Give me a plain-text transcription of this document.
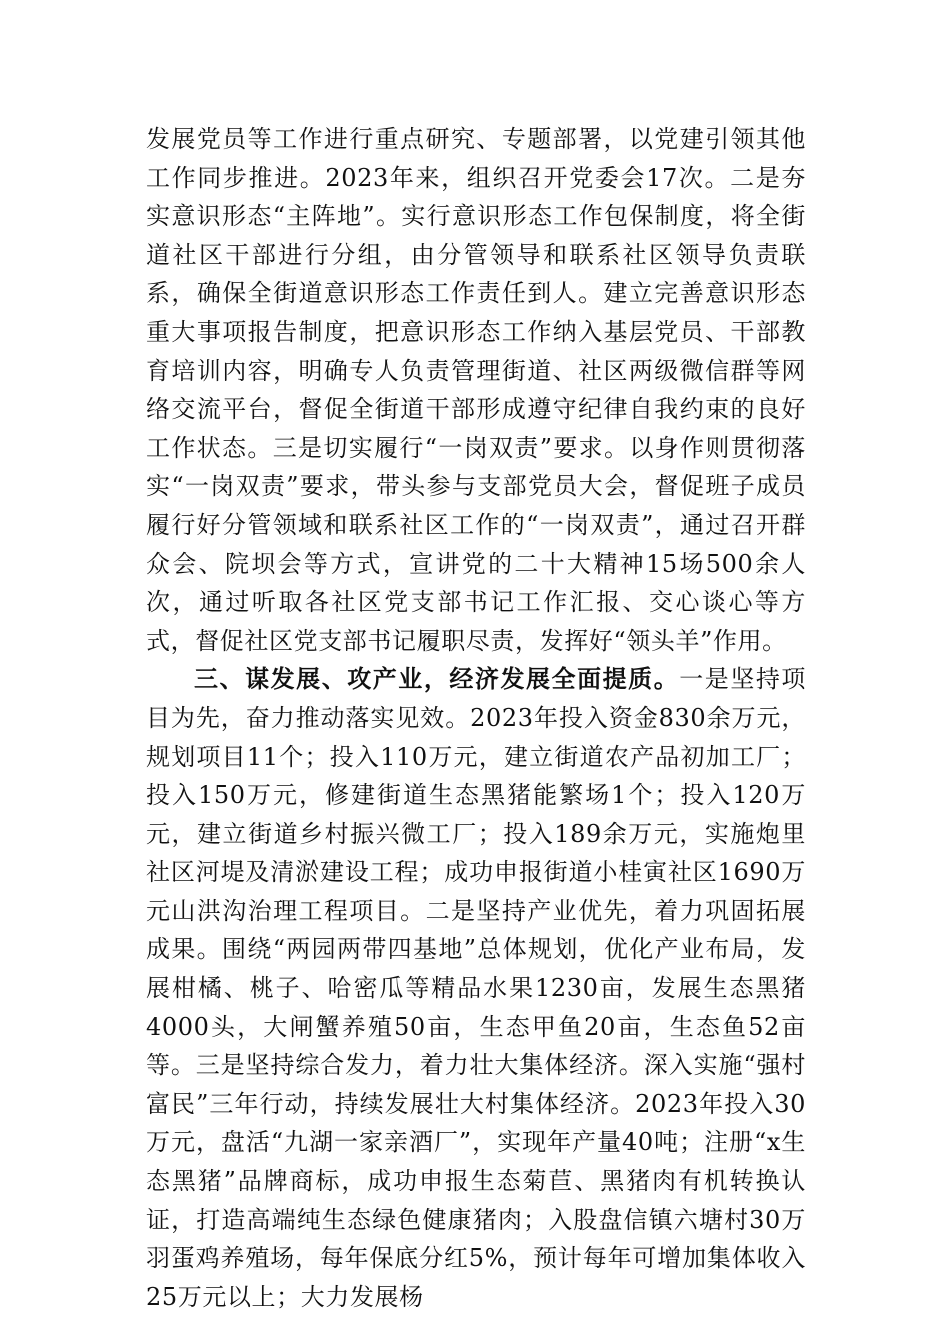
发展党员等工作进行重点研究、专题部署，以党建引领其他工作同步推进。2023年来，组织召开党委会17次。二是夯实意识形态“主阵地”。实行意识形态工作包保制度，将全街道社区干部进行分组，由分管领导和联系社区领导负责联系，确保全街道意识形态工作责任到人。建立完善意识形态重大事项报告制度，把意识形态工作纳入基层党员、干部教育培训内容，明确专人负责管理街道、社区两级微信群等网络交流平台，督促全街道干部形成遵守纪律自我约束的良好工作状态。三是切实履行“一岗双责”要求。以身作则贯彻落实“一岗双责”要求，带头参与支部党员大会，督促班子成员履行好分管领域和联系社区工作的“一岗双责”，通过召开群众会、院坝会等方式，宣讲党的二十大精神15场500余人次，通过听取各社区党支部书记工作汇报、交心谈心等方式，督促社区党支部书记履职尽责，发挥好“领头羊”作用。

三、谋发展、攻产业，经济发展全面提质。一是坚持项目为先，奋力推动落实见效。2023年投入资金830余万元，规划项目11个；投入110万元，建立街道农产品初加工厂；投入150万元，修建街道生态黑猪能繁场1个；投入120万元，建立街道乡村振兴微工厂；投入189余万元，实施炮里社区河堤及清淤建设工程；成功申报街道小桂寅社区1690万元山洪沟治理工程项目。二是坚持产业优先，着力巩固拓展成果。围绕“两园两带四基地”总体规划，优化产业布局，发展柑橘、桃子、哈密瓜等精品水果1230亩，发展生态黑猪4000头，大闸蟹养殖50亩，生态甲鱼20亩，生态鱼52亩等。三是坚持综合发力，着力壮大集体经济。深入实施“强村富民”三年行动，持续发展壮大村集体经济。2023年投入30万元，盘活“九湖一家亲酒厂”，实现年产量40吨；注册“x生态黑猪”品牌商标，成功申报生态菊苣、黑猪肉有机转换认证，打造高端纯生态绿色健康猪肉；入股盘信镇六塘村30万羽蛋鸡养殖场，每年保底分红5%，预计每年可增加集体收入25万元以上；大力发展杨
